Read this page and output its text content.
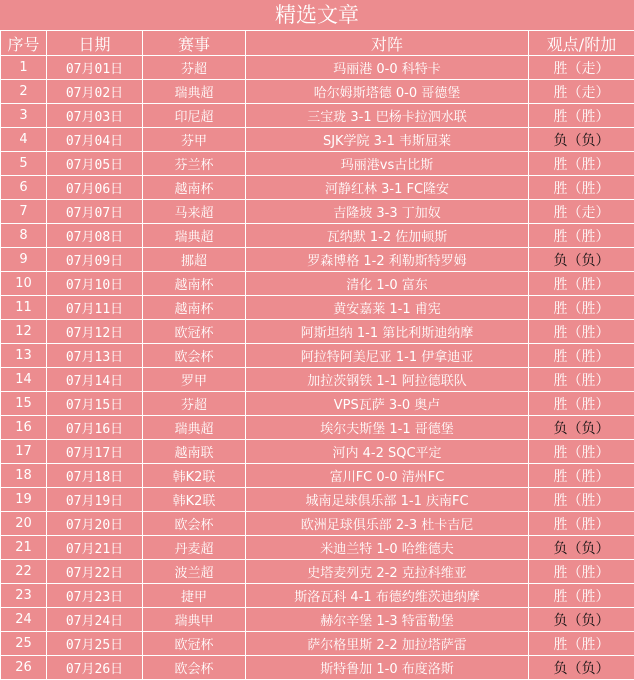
精选文章
序号	日期	赛事	对阵	观点/附加
1	07月01日	芬超	玛丽港 0-0 科特卡	胜（走）
2	07月02日	瑞典超	哈尔姆斯塔德 0-0 哥德堡	胜（走）
3	07月03日	印尼超	三宝珑 3-1 巴杨卡拉泗水联	胜（胜）
4	07月04日	芬甲	SJK学院 3-1 韦斯屈莱	负（负）
5	07月05日	芬兰杯	玛丽港vs古比斯	胜（胜）
6	07月06日	越南杯	河静红林 3-1 FC隆安	胜（胜）
7	07月07日	马来超	吉隆坡 3-3 丁加奴	胜（走）
8	07月08日	瑞典超	瓦纳默 1-2 佐加顿斯	胜（胜）
9	07月09日	挪超	罗森博格 1-2 利勒斯特罗姆	负（负）
10	07月10日	越南杯	清化 1-0 富东	胜（胜）
11	07月11日	越南杯	黄安嘉莱 1-1 甫宪	胜（胜）
12	07月12日	欧冠杯	阿斯坦纳 1-1 第比利斯迪纳摩	胜（胜）
13	07月13日	欧会杯	阿拉特阿美尼亚 1-1 伊拿迪亚	胜（胜）
14	07月14日	罗甲	加拉茨钢铁 1-1 阿拉德联队	胜（胜）
15	07月15日	芬超	VPS瓦萨 3-0 奥卢	胜（胜）
16	07月16日	瑞典超	埃尔夫斯堡 1-1 哥德堡	负（负）
17	07月17日	越南联	河内 4-2 SQC平定	胜（胜）
18	07月18日	韩K2联	富川FC 0-0 清州FC	胜（胜）
19	07月19日	韩K2联	城南足球俱乐部 1-1 庆南FC	胜（胜）
20	07月20日	欧会杯	欧洲足球俱乐部 2-3 杜卡吉尼	胜（胜）
21	07月21日	丹麦超	米迪兰特 1-0 哈维德夫	负（负）
22	07月22日	波兰超	史塔麦列克 2-2 克拉科维亚	胜（胜）
23	07月23日	捷甲	斯洛瓦科 4-1 布德约维茨迪纳摩	胜（胜）
24	07月24日	瑞典甲	赫尔辛堡 1-3 特雷勒堡	负（负）
25	07月25日	欧冠杯	萨尔格里斯 2-2 加拉塔萨雷	胜（胜）
26	07月26日	欧会杯	斯特鲁加 1-0 布度洛斯	负（负）
